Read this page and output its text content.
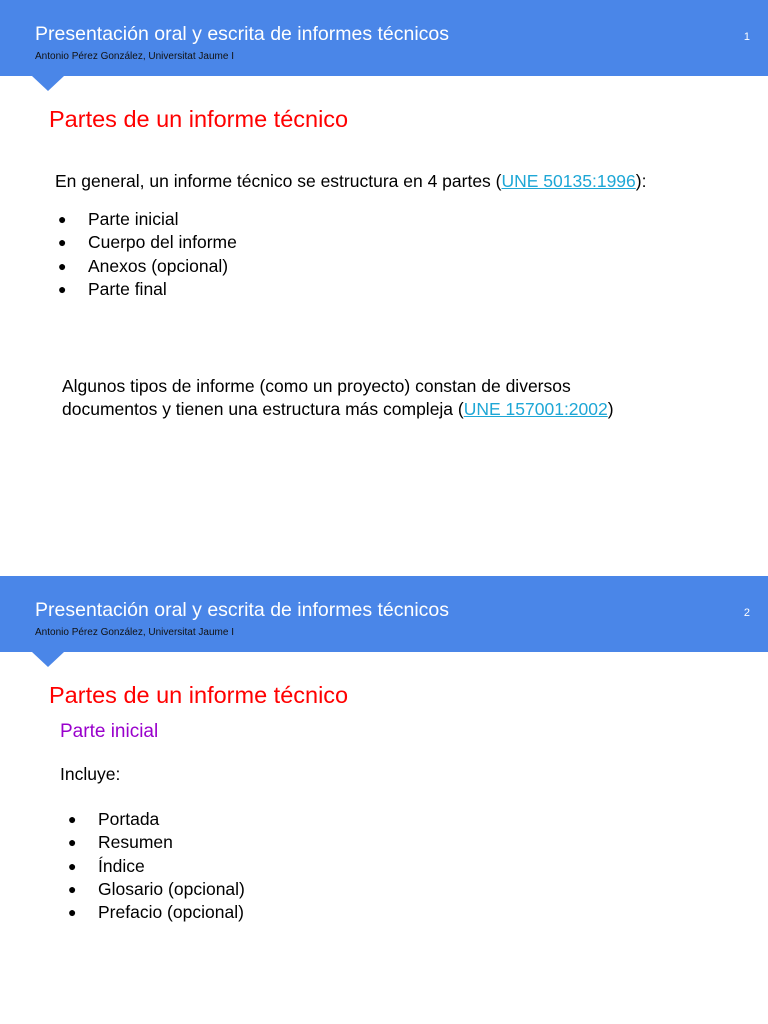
Presentación oral y escrita de informes técnicos
Antonio Pérez González, Universitat Jaume I
1
Partes de un informe técnico
En general, un informe técnico se estructura en 4 partes (UNE 50135:1996):
● Parte inicial
● Cuerpo del informe
● Anexos (opcional)
● Parte final
Algunos tipos de informe (como un proyecto) constan de diversos
documentos y tienen una estructura más compleja (UNE 157001:2002)
Presentación oral y escrita de informes técnicos
Antonio Pérez González, Universitat Jaume I
2
Partes de un informe técnico
Parte inicial
Incluye:
● Portada
● Resumen
● Índice
● Glosario (opcional)
● Prefacio (opcional)
